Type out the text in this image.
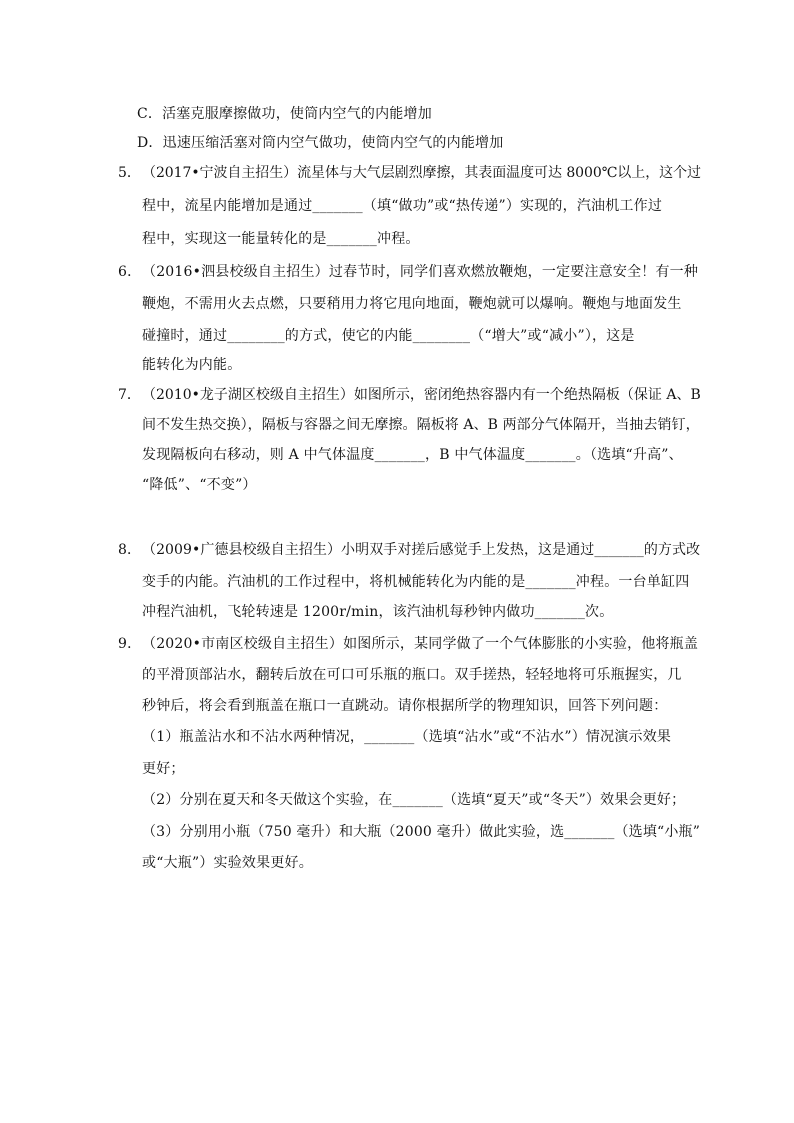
C．活塞克服摩擦做功，使筒内空气的内能增加
D．迅速压缩活塞对筒内空气做功，使筒内空气的内能增加
5．（2017•宁波自主招生）流星体与大气层剧烈摩擦，其表面温度可达 8000℃以上，这个过
程中，流星内能增加是通过_______（填“做功”或“热传递”）实现的，汽油机工作过
程中，实现这一能量转化的是_______冲程。
6．（2016•泗县校级自主招生）过春节时，同学们喜欢燃放鞭炮，一定要注意安全！有一种
鞭炮，不需用火去点燃，只要稍用力将它甩向地面，鞭炮就可以爆响。鞭炮与地面发生
碰撞时，通过________的方式，使它的内能________（“增大”或“减小”），这是
能转化为内能。
7．（2010•龙子湖区校级自主招生）如图所示，密闭绝热容器内有一个绝热隔板（保证 A、B
间不发生热交换），隔板与容器之间无摩擦。隔板将 A、B 两部分气体隔开，当抽去销钉，
发现隔板向右移动，则 A 中气体温度_______，B 中气体温度_______。（选填“升高”、
“降低”、“不变”）
8．（2009•广德县校级自主招生）小明双手对搓后感觉手上发热，这是通过_______的方式改
变手的内能。汽油机的工作过程中，将机械能转化为内能的是_______冲程。一台单缸四
冲程汽油机，飞轮转速是 1200r/min，该汽油机每秒钟内做功_______次。
9．（2020•市南区校级自主招生）如图所示，某同学做了一个气体膨胀的小实验，他将瓶盖
的平滑顶部沾水，翻转后放在可口可乐瓶的瓶口。双手搓热，轻轻地将可乐瓶握实，几
秒钟后，将会看到瓶盖在瓶口一直跳动。请你根据所学的物理知识，回答下列问题：
（1）瓶盖沾水和不沾水两种情况，_______（选填“沾水”或“不沾水”）情况演示效果
更好；
（2）分别在夏天和冬天做这个实验，在_______（选填“夏天”或“冬天”）效果会更好；
（3）分别用小瓶（750 毫升）和大瓶（2000 毫升）做此实验，选_______（选填“小瓶”
或“大瓶”）实验效果更好。
